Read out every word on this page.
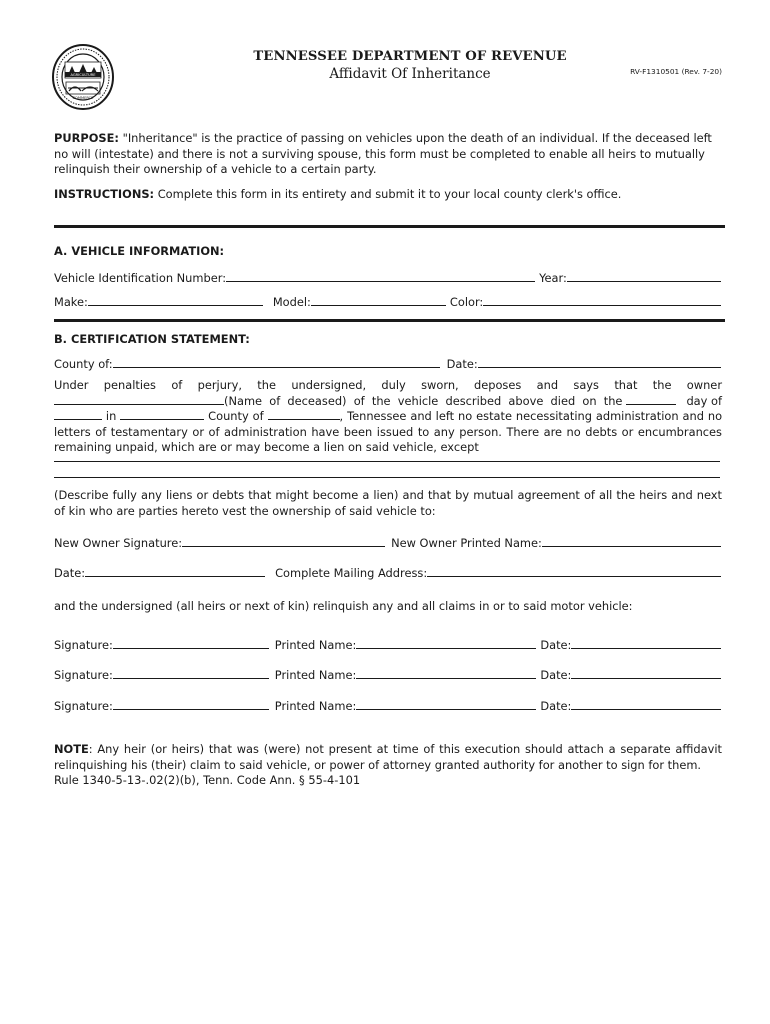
AGRICULTURE
COMMERCE
TENNESSEE DEPARTMENT OF REVENUE
Affidavit Of Inheritance	RV-F1310501 (Rev. 7-20)
PURPOSE: "Inheritance" is the practice of passing on vehicles upon the death of an individual. If the deceased left no will (intestate) and there is not a surviving spouse, this form must be completed to enable all heirs to mutually relinquish their ownership of a vehicle to a certain party.
INSTRUCTIONS: Complete this form in its entirety and submit it to your local county clerk's office.
A. VEHICLE INFORMATION:
Vehicle Identification Number:	Year:
Make:	Model:	Color:
B. CERTIFICATION STATEMENT:
County of:	Date:
Under penalties of perjury, the undersigned, duly sworn, deposes and says that the owner
(Name of deceased) of the vehicle described above died on the	day of
in	County of	, Tennessee and left no estate necessitating administration and no letters of testamentary or of administration have been issued to any person. There are no debts or encumbrances remaining unpaid, which are or may become a lien on said vehicle, except
(Describe fully any liens or debts that might become a lien) and that by mutual agreement of all the heirs and next of kin who are parties hereto vest the ownership of said vehicle to:
New Owner Signature:	New Owner Printed Name:
Date:	Complete Mailing Address:
and the undersigned (all heirs or next of kin) relinquish any and all claims in or to said motor vehicle:
Signature:	Printed Name:	Date:
Signature:	Printed Name:	Date:
Signature:	Printed Name:	Date:
NOTE: Any heir (or heirs) that was (were) not present at time of this execution should attach a separate affidavit relinquishing his (their) claim to said vehicle, or power of attorney granted authority for another to sign for them.
Rule 1340-5-13-.02(2)(b), Tenn. Code Ann. § 55-4-101
